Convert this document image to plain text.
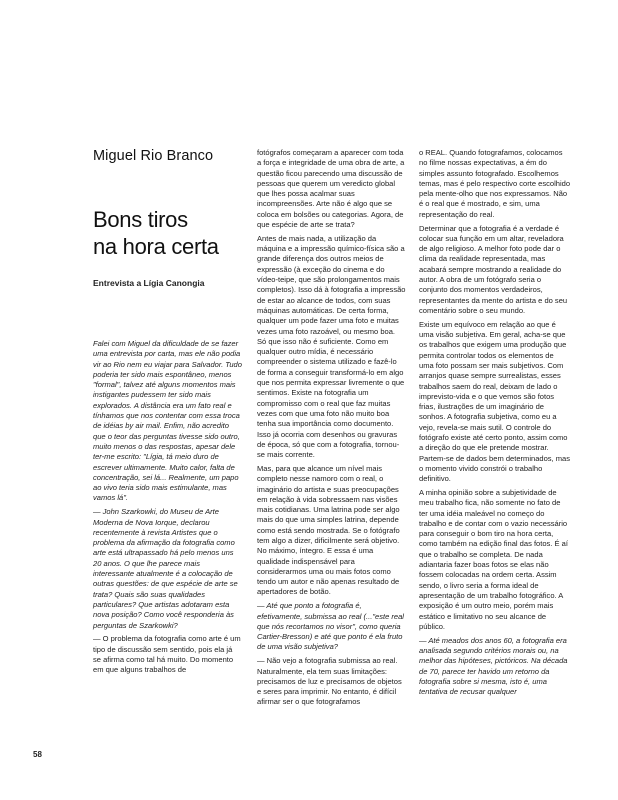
Miguel Rio Branco
Bons tiros
na hora certa
Entrevista a Lígia Canongia

Falei com Miguel da dificuldade de se fazer uma entrevista por carta, mas ele não podia vir ao Rio nem eu viajar para Salvador. Tudo poderia ter sido mais espontâneo, menos "formal", talvez até alguns momentos mais instigantes pudessem ter sido mais explorados. A distância era um fato real e tínhamos que nos contentar com essa troca de idéias by air mail. Enfim, não acredito que o teor das perguntas tivesse sido outro, muito menos o das respostas, apesar dele ter-me escrito: "Lígia, tá meio duro de escrever ultimamente. Muito calor, falta de concentração, sei lá... Realmente, um papo ao vivo teria sido mais estimulante, mas vamos lá".

— John Szarkowki, do Museu de Arte Moderna de Nova Iorque, declarou recentemente à revista Artistes que o problema da afirmação da fotografia como arte está ultrapassado há pelo menos uns 20 anos. O que lhe parece mais interessante atualmente é a colocação de outras questões: de que espécie de arte se trata? Quais são suas qualidades particulares? Que artistas adotaram esta nova posição? Como você responderia às perguntas de Szarkowki?

— O problema da fotografia como arte é um tipo de discussão sem sentido, pois ela já se afirma como tal há muito. Do momento em que alguns trabalhos de

fotógrafos começaram a aparecer com toda a força e integridade de uma obra de arte, a questão ficou parecendo uma discussão de pessoas que querem um veredicto global que lhes possa acalmar suas incompreensões. Arte não é algo que se coloca em bolsões ou categorias. Agora, de que espécie de arte se trata?

Antes de mais nada, a utilização da máquina e a impressão químico-física são a grande diferença dos outros meios de expressão (à exceção do cinema e do vídeo-teipe, que são prolongamentos mais completos). Isso dá à fotografia a impressão de estar ao alcance de todos, com suas máquinas automáticas. De certa forma, qualquer um pode fazer uma foto e muitas vezes uma foto razoável, ou mesmo boa. Só que isso não é suficiente. Como em qualquer outro mídia, é necessário compreender o sistema utilizado e fazê-lo de forma a conseguir transformá-lo em algo que nos permita expressar livremente o que sentimos. Existe na fotografia um compromisso com o real que faz muitas vezes com que uma foto não muito boa tenha sua importância como documento. Isso já ocorria com desenhos ou gravuras de época, só que com a fotografia, tornou-se mais corrente.

Mas, para que alcance um nível mais completo nesse namoro com o real, o imaginário do artista e suas preocupações em relação à vida sobressaem nas visões mais cotidianas. Uma latrina pode ser algo mais do que uma simples latrina, depende como está sendo mostrada. Se o fotógrafo tem algo a dizer, dificilmente será objetivo. No máximo, íntegro. E essa é uma qualidade indispensável para considerarmos uma ou mais fotos como tendo um autor e não apenas resultado de apertadores de botão.

— Até que ponto a fotografia é, efetivamente, submissa ao real (..."este real que nós recortamos no visor", como queria Cartier-Bresson) e até que ponto é ela fruto de uma visão subjetiva?

— Não vejo a fotografia submissa ao real. Naturalmente, ela tem suas limitações: precisamos de luz e precisamos de objetos e seres para imprimir. No entanto, é difícil afirmar ser o que fotografamos

o REAL. Quando fotografamos, colocamos no filme nossas expectativas, a ém do simples assunto fotografado. Escolhemos temas, mas é pelo respectivo corte escolhido pela mente-olho que nos expressamos. Não é o real que é mostrado, e sim, uma representação do real.

Determinar que a fotografia é a verdade é colocar sua função em um altar, reveladora de algo religioso. A melhor foto pode dar o clima da realidade representada, mas acabará sempre mostrando a realidade do autor. A obra de um fotógrafo seria o conjunto dos momentos verdadeiros, representantes da mente do artista e do seu comentário sobre o seu mundo.

Existe um equívoco em relação ao que é uma visão subjetiva. Em geral, acha-se que os trabalhos que exigem uma produção que permita controlar todos os elementos de uma foto possam ser mais subjetivos. Com arranjos quase sempre surrealistas, esses trabalhos saem do real, deixam de lado o imprevisto-vida e o que vemos são fotos frias, ilustrações de um imaginário de sonhos. A fotografia subjetiva, como eu a vejo, revela-se mais sutil. O controle do fotógrafo existe até certo ponto, assim como a direção do que ele pretende mostrar. Partem-se de dados bem determinados, mas o momento vivido constrói o trabalho definitivo.

A minha opinião sobre a subjetividade de meu trabalho fica, não somente no fato de ter uma idéia maleável no começo do trabalho e de contar com o vazio necessário para conseguir o bom tiro na hora certa, como também na edição final das fotos. É aí que o trabalho se completa. De nada adiantaria fazer boas fotos se elas não fossem colocadas na ordem certa. Assim sendo, o livro seria a forma ideal de apresentação de um trabalho fotográfico. A exposição é um outro meio, porém mais estático e limitativo no seu alcance de público.

— Até meados dos anos 60, a fotografia era analisada segundo critérios morais ou, na melhor das hipóteses, pictóricos. Na década de 70, parece ter havido um retorno da fotografia sobre si mesma, isto é, uma tentativa de recusar qualquer

58
